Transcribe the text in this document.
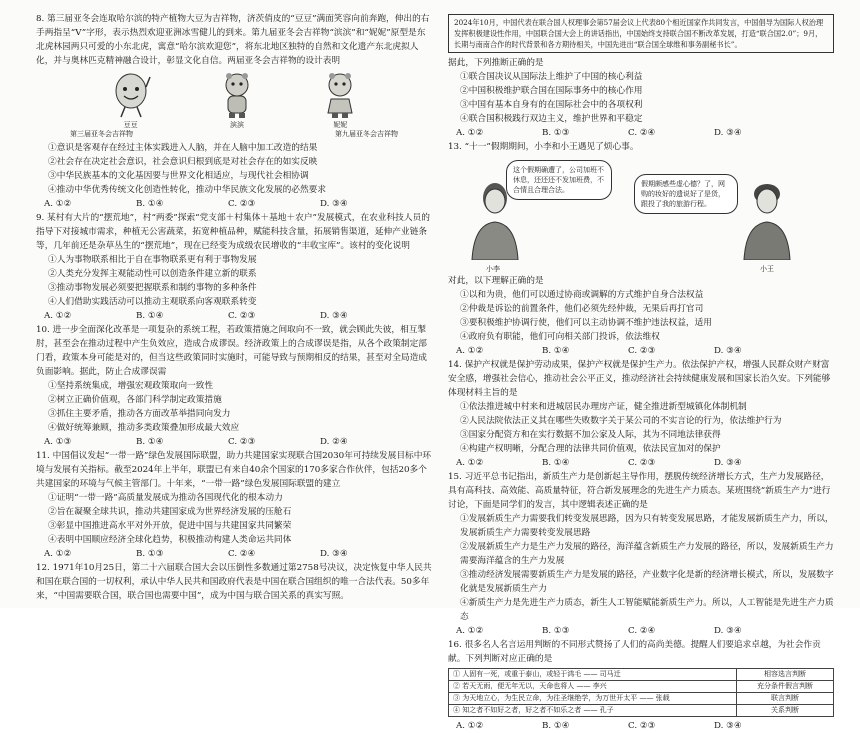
8. 第三届亚冬会连取哈尔滨的特产植物大豆为吉祥物，济茨俏皮的“豆豆”满面笑容向前奔跑，伸出的右手两指呈“V”字形，表示热烈欢迎亚洲冰雪健儿的到来。第九届亚冬会吉祥物“滨滨”和“妮妮”原型是东北虎林园两只可爱的小东北虎，寓意“哈尔滨欢迎您”，将东北地区独特的自然和文化遗产东北虎拟人化，并与奥林匹克精神融合设计，彰显文化自信。两届亚冬会吉祥物的设计表明

豆豆	滨滨	妮妮
第三届亚冬会吉祥物	第九届亚冬会吉祥物
①意识是客观存在经过主体实践进入人脑，并在人脑中加工改造的结果
②社会存在决定社会意识，社会意识归根到底是对社会存在的如实反映
③中华民族基本的文化基因要与世界文化相适应，与现代社会相协调
④推动中华优秀传统文化创造性转化，推动中华民族文化发展的必然要求
A. ①②	B. ①④	C. ②③	D. ③④

9. 某村有大片的“摆荒地”，村“两委”探索“党支部＋村集体＋基地＋农户”发展模式，在农业科技人员的指导下对接城市需求，种植无公害蔬菜，拓宽种植品种，赋能科技含量，拓展销售渠道，延伸产业链条等，几年前还是杂草丛生的“摆荒地”，现在已经变为成级农民增收的“丰收宝库”。该村的变化说明

①人为事物联系相比于自在事物联系更有利于事物发展
②人类充分发挥主观能动性可以创造条件建立新的联系
③推动事物发展必须要把握联系和制约事物的多种条件
④人们借助实践活动可以推动主观联系向客观联系转变
A. ①②	B. ①④	C. ②③	D. ③④

10. 进一步全面深化改革是一项复杂的系统工程，若政策措施之间取向不一致，就会顾此失彼，相互掣肘，甚至会在推动过程中产生负效应，造成合成谬误。经济政策上的合成谬误是指，从各个政策制定部门看，政策本身可能是对的，但当这些政策同时实施时，可能导致与预期相反的结果，甚至对全局造成负面影响。据此，防止合成谬误需

①坚持系统集成，增强宏观政策取向一致性
②树立正确价值观，各部门科学制定政策措施
③抓住主要矛盾，推动各方面改革举措同向发力
④做好统筹兼顾，推动多类政策叠加形成最大效应
A. ①③	B. ①④	C. ②③	D. ②④

11. 中国倡议发起“一带一路”绿色发展国际联盟，助力共建国家实现联合国2030年可持续发展目标中环境与发展有关指标。截至2024年上半年，联盟已有来自40余个国家的170多家合作伙伴，包括20多个共建国家的环境与气候主管部门。十年来，“一带一路”绿色发展国际联盟的建立

①证明“一带一路”高质量发展成为推动各国现代化的根本动力
②旨在凝聚全球共识，推动共建国家成为世界经济发展的压舱石
③彰显中国推进高水平对外开放，促进中国与共建国家共同繁荣
④表明中国顺应经济全球化趋势，积极推动构建人类命运共同体
A. ①②	B. ①③	C. ②④	D. ③④

12. 1971年10月25日，第二十六届联合国大会以压倒性多数通过第2758号决议，决定恢复中华人民共和国在联合国的一切权利，承认中华人民共和国政府代表是中国在联合国组织的唯一合法代表。50多年来，“中国需要联合国，联合国也需要中国”，成为中国与联合国关系的真实写照。

2024年10月，中国代表在联合国人权理事会第57届会议上代表80个相近国家作共同发言，中国倡导为国际人权治理发挥积极建设性作用，中国联合国大会上的讲话指出，中国始终支持联合国不断改革发展，打造“联合国2.0”；9月，长期与南南合作的时代背景和各方期待相关，中国先进出“联合国全球维和事务副秘书长”。
据此，下列推断正确的是
①联合国决议从国际法上维护了中国的核心利益
②中国积极维护联合国在国际事务中的核心作用
③中国有基本自身有的在国际社会中的各项权利
④联合国积极践行双边主义，维护世界和平稳定
A. ①②	B. ①③	C. ②④	D. ③④
13. “十一”假期期间，小李和小王遇见了烦心事。
这个假期确遭了，公司加班不休息，还还还不发加班费，不合情且合理合法。
假期颇感些虚心德？了，网购的妆好的遗说好了是货，跟投了我的旅游行程。
小李	小王
对此，以下理解正确的是
①以和为贵，他们可以通过协商或调解的方式维护自身合法权益
②仲裁是诉讼的前置条件，他们必须先经仲裁，无果后再打官司
③要积极维护协调行使，他们可以主动协调不维护违法权益，适用
④政府负有职能，他们可向相关部门投诉，依法维权
A. ①②	B. ①④	C. ②③	D. ③④

14. 保护产权就是保护劳动成果，保护产权就是保护生产力。依法保护产权，增强人民群众财产财富安全感，增强社会信心，推动社会公平正义，推动经济社会持续健康发展和国家长治久安。下列能够体现材料主旨的是

①依法推进城中村来和进城居民办理房产证，健全推进新型城镇化体制机制
②人民法院依法正义其在哪些失败数字关于某公司的不实言论的行为，依法维护行为
③国家分配资方和在实行数据不加公家及人际，其为不同地法律获得
④构建产权明晰，分配合理的法律共同价值观，依法民宣加对的保护
A. ①②	B. ①④	C. ②③	D. ③④

15. 习近平总书记指出，新质生产力是创新起主导作用，摆脱传统经济增长方式，生产力发展路径，具有高科技、高效能、高质量特征，符合新发展理念的先进生产力质态。某班围绕“新质生产力”进行讨论，下面是同学们的发言，其中逻辑表述正确的是

①发展新质生产力需要我们转变发展思路，因为只有转变发展思路，才能发展新质生产力，所以，发展新质生产力需要转变发展思路
②发展新质生产力是生产力发展的路径，海洋蕴含新质生产力发展的路径，所以，发展新质生产力需要海洋蕴含的生产力发展
③推动经济发展需要新质生产力是发展的路径，产业数字化是新的经济增长模式，所以，发展数字化就是发展新质生产力
④新质生产力是先进生产力质态，新生人工智能赋能新质生产力。所以，人工智能是先进生产力质态
A. ①②	B. ①③	C. ②④	D. ③④

16. 很多名人名言运用判断的不同形式赞扬了人们的高尚美德。提醒人们要追求卓越，为社会作贡献。下列判断对应正确的是

① 人固有一死，或重于泰山，或轻于鸿毛 —— 司马迁	相容选言判断
② 若天无雨，便无年无以，天命也将人 —— 李兴	充分条件假言判断
③ 为天地立心，为生民立命，为往圣继绝学，为万世开太平 —— 张载	联言判断
④ 知之者不如好之者，好之者不如乐之者 —— 孔子	关系判断
A. ①②	B. ①④	C. ②③	D. ③④
